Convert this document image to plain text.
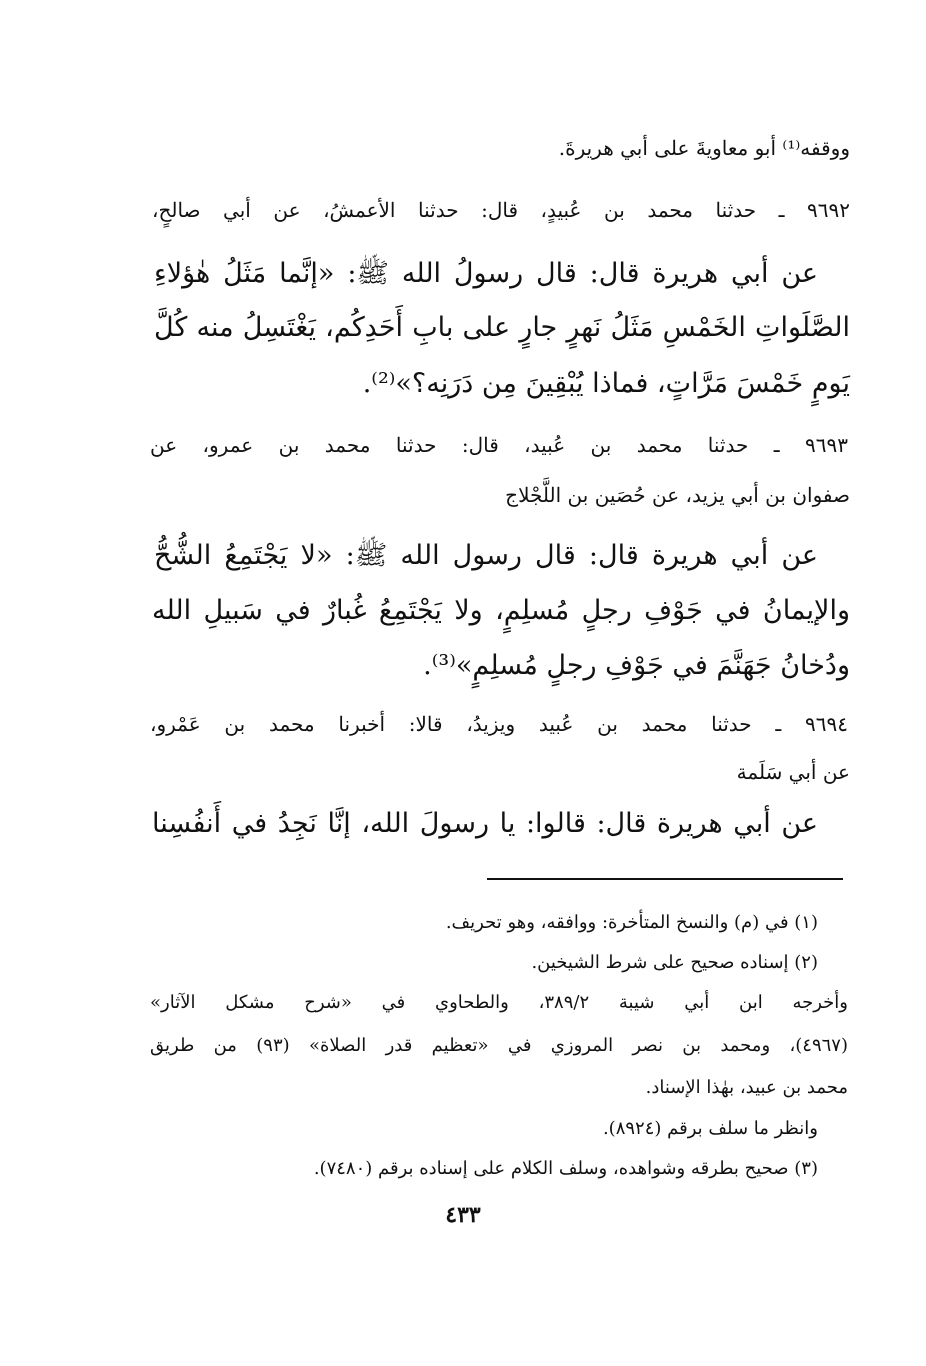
ووقفه⁽¹⁾ أبو معاويةَ على أبي هريرةَ.

٩٦٩٢ ـ حدثنا محمد بن عُبيدٍ، قال: حدثنا الأعمشُ، عن أبي صالحٍ،

عن أبي هريرة قال: قال رسولُ الله ﷺ: «إنَّما مَثَلُ هٰؤلاءِ

الصَّلَواتِ الخَمْسِ مَثَلُ نَهرٍ جارٍ على بابِ أَحَدِكُم، يَغْتَسِلُ منه كُلَّ

يَومٍ خَمْسَ مَرَّاتٍ، فماذا يُبْقِينَ مِن دَرَنِه؟»⁽²⁾.

٩٦٩٣ ـ حدثنا محمد بن عُبيد، قال: حدثنا محمد بن عمرو، عن

صفوان بن أبي يزيد، عن حُصَين بن اللَّجْلاج

عن أبي هريرة قال: قال رسول الله ﷺ: «لا يَجْتَمِعُ الشُّحُّ

والإيمانُ في جَوْفِ رجلٍ مُسلِمٍ، ولا يَجْتَمِعُ غُبارٌ في سَبيلِ الله

ودُخانُ جَهَنَّمَ في جَوْفِ رجلٍ مُسلِمٍ»⁽³⁾.

٩٦٩٤ ـ حدثنا محمد بن عُبيد ويزيدُ، قالا: أخبرنا محمد بن عَمْرو،

عن أبي سَلَمة

عن أبي هريرة قال: قالوا: يا رسولَ الله، إنَّا نَجِدُ في أَنفُسِنا

(١) في (م) والنسخ المتأخرة: ووافقه، وهو تحريف.

(٢) إسناده صحيح على شرط الشيخين.

وأخرجه ابن أبي شيبة ٣٨٩/٢، والطحاوي في «شرح مشكل الآثار»

(٤٩٦٧)، ومحمد بن نصر المروزي في «تعظيم قدر الصلاة» (٩٣) من طريق

محمد بن عبيد، بهٰذا الإسناد.

وانظر ما سلف برقم (٨٩٢٤).

(٣) صحيح بطرقه وشواهده، وسلف الكلام على إسناده برقم (٧٤٨٠).

٤٣٣
